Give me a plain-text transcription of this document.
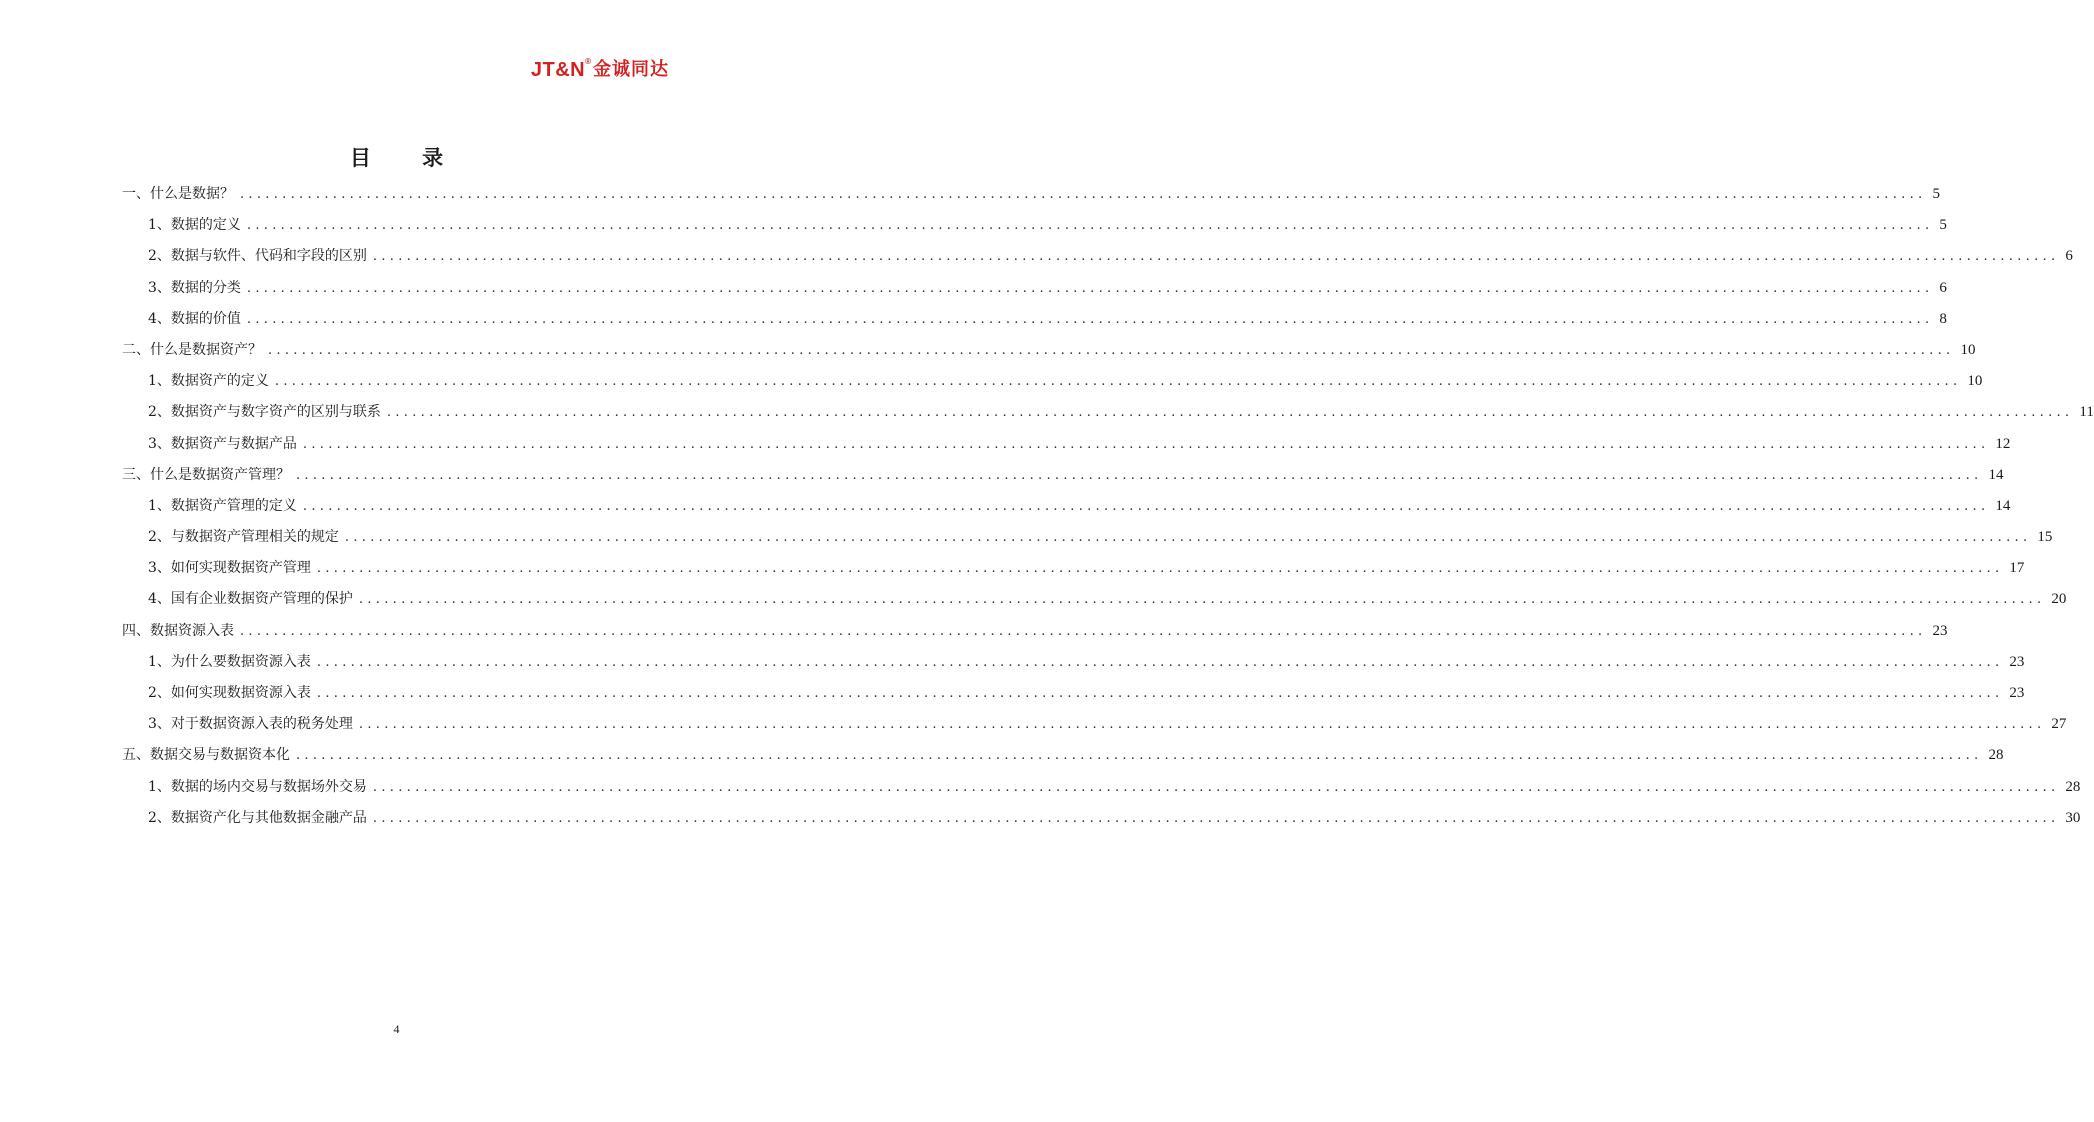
JT&N ® 金诚同达
目 录
一、什么是数据？ ........................................................................................................................................................................................................ 5
1、数据的定义 ........................................................................................................................................................................................................ 5
2、数据与软件、代码和字段的区别 ........................................................................................................................................................................................................ 6
3、数据的分类 ........................................................................................................................................................................................................ 6
4、数据的价值 ........................................................................................................................................................................................................ 8
二、什么是数据资产？ ........................................................................................................................................................................................................ 10
1、数据资产的定义 ........................................................................................................................................................................................................ 10
2、数据资产与数字资产的区别与联系 ........................................................................................................................................................................................................ 11
3、数据资产与数据产品 ........................................................................................................................................................................................................ 12
三、什么是数据资产管理？ ........................................................................................................................................................................................................ 14
1、数据资产管理的定义 ........................................................................................................................................................................................................ 14
2、与数据资产管理相关的规定 ........................................................................................................................................................................................................ 15
3、如何实现数据资产管理 ........................................................................................................................................................................................................ 17
4、国有企业数据资产管理的保护 ........................................................................................................................................................................................................ 20
四、数据资源入表 ........................................................................................................................................................................................................ 23
1、为什么要数据资源入表 ........................................................................................................................................................................................................ 23
2、如何实现数据资源入表 ........................................................................................................................................................................................................ 23
3、对于数据资源入表的税务处理 ........................................................................................................................................................................................................ 27
五、数据交易与数据资本化 ........................................................................................................................................................................................................ 28
1、数据的场内交易与数据场外交易 ........................................................................................................................................................................................................ 28
2、数据资产化与其他数据金融产品 ........................................................................................................................................................................................................ 30
4
